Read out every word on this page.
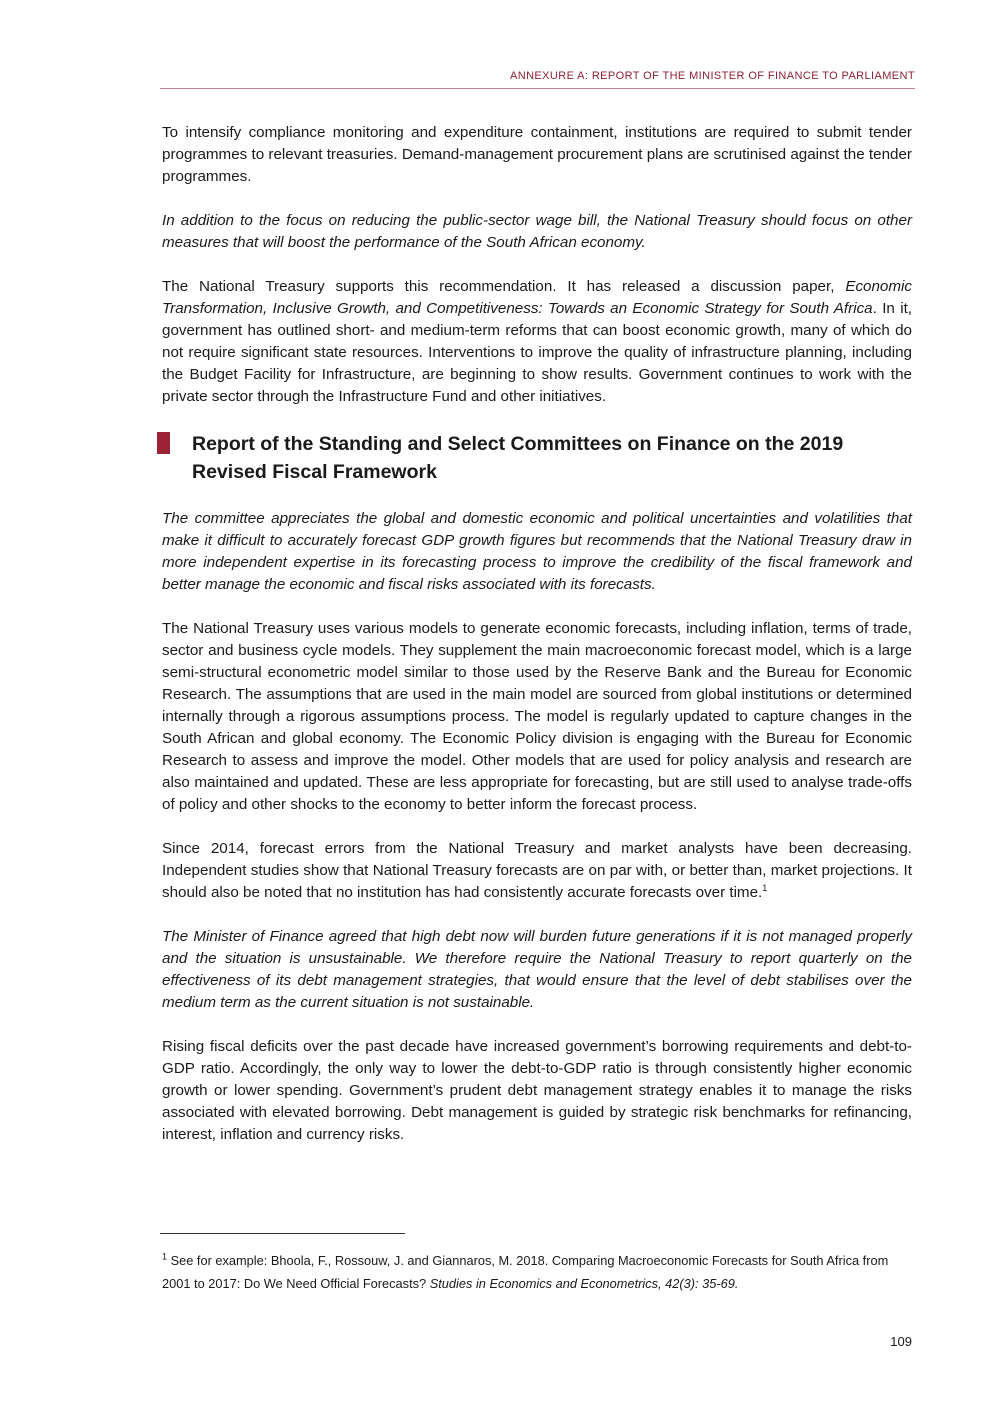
ANNEXURE A: REPORT OF THE MINISTER OF FINANCE TO PARLIAMENT

To intensify compliance monitoring and expenditure containment, institutions are required to submit tender programmes to relevant treasuries. Demand-management procurement plans are scrutinised against the tender programmes.

In addition to the focus on reducing the public-sector wage bill, the National Treasury should focus on other measures that will boost the performance of the South African economy.

The National Treasury supports this recommendation. It has released a discussion paper, Economic Transformation, Inclusive Growth, and Competitiveness: Towards an Economic Strategy for South Africa. In it, government has outlined short- and medium-term reforms that can boost economic growth, many of which do not require significant state resources. Interventions to improve the quality of infrastructure planning, including the Budget Facility for Infrastructure, are beginning to show results. Government continues to work with the private sector through the Infrastructure Fund and other initiatives.

Report of the Standing and Select Committees on Finance on the 2019 Revised Fiscal Framework

The committee appreciates the global and domestic economic and political uncertainties and volatilities that make it difficult to accurately forecast GDP growth figures but recommends that the National Treasury draw in more independent expertise in its forecasting process to improve the credibility of the fiscal framework and better manage the economic and fiscal risks associated with its forecasts.

The National Treasury uses various models to generate economic forecasts, including inflation, terms of trade, sector and business cycle models. They supplement the main macroeconomic forecast model, which is a large semi-structural econometric model similar to those used by the Reserve Bank and the Bureau for Economic Research. The assumptions that are used in the main model are sourced from global institutions or determined internally through a rigorous assumptions process. The model is regularly updated to capture changes in the South African and global economy. The Economic Policy division is engaging with the Bureau for Economic Research to assess and improve the model. Other models that are used for policy analysis and research are also maintained and updated. These are less appropriate for forecasting, but are still used to analyse trade-offs of policy and other shocks to the economy to better inform the forecast process.

Since 2014, forecast errors from the National Treasury and market analysts have been decreasing. Independent studies show that National Treasury forecasts are on par with, or better than, market projections. It should also be noted that no institution has had consistently accurate forecasts over time.$^1$

The Minister of Finance agreed that high debt now will burden future generations if it is not managed properly and the situation is unsustainable. We therefore require the National Treasury to report quarterly on the effectiveness of its debt management strategies, that would ensure that the level of debt stabilises over the medium term as the current situation is not sustainable.

Rising fiscal deficits over the past decade have increased government’s borrowing requirements and debt-to-GDP ratio. Accordingly, the only way to lower the debt-to-GDP ratio is through consistently higher economic growth or lower spending. Government’s prudent debt management strategy enables it to manage the risks associated with elevated borrowing. Debt management is guided by strategic risk benchmarks for refinancing, interest, inflation and currency risks.

$^1$ See for example: Bhoola, F., Rossouw, J. and Giannaros, M. 2018. Comparing Macroeconomic Forecasts for South Africa from 2001 to 2017: Do We Need Official Forecasts? Studies in Economics and Econometrics, 42(3): 35-69.
109
